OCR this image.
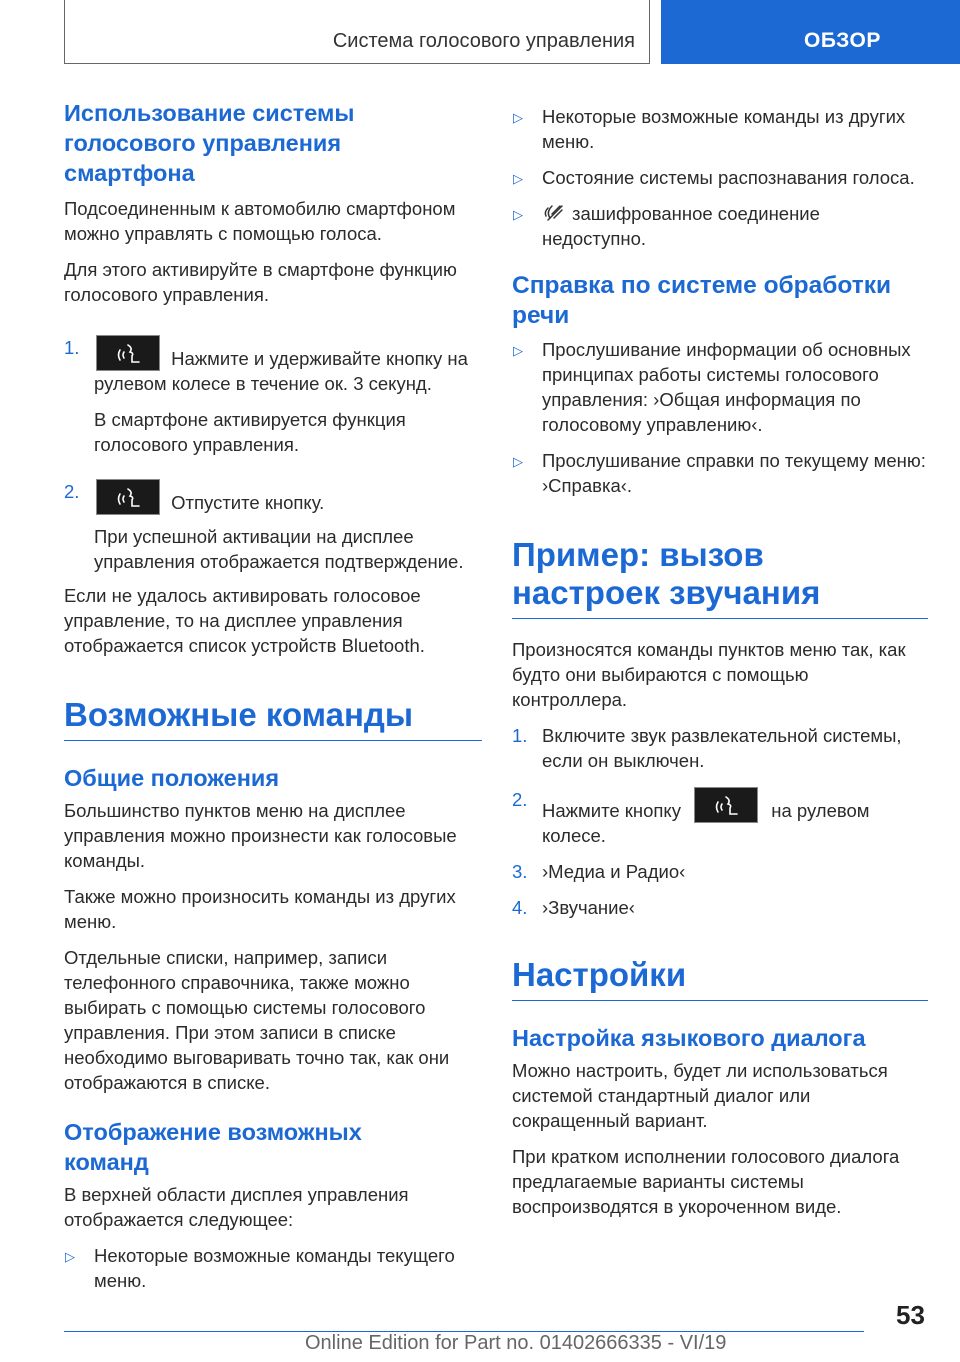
Система голосового управления	ОБЗОР
Использование системы голосового управления смартфона

Подсоединенным к автомобилю смартфоном можно управлять с помощью голоса.

Для этого активируйте в смартфоне функцию голосового управления.

1.
Нажмите и удерживайте кнопку на рулевом колесе в течение ок. 3 секунд.

В смартфоне активируется функция голосового управления.

2.
Отпустите кнопку.

При успешной активации на дисплее управления отображается подтверждение.

Если не удалось активировать голосовое управление, то на дисплее управления отображается список устройств Bluetooth.

Возможные команды
Общие положения

Большинство пунктов меню на дисплее управления можно произнести как голосовые команды.

Также можно произносить команды из других меню.

Отдельные списки, например, записи телефонного справочника, также можно выбирать с помощью системы голосового управления. При этом записи в списке необходимо выговаривать точно так, как они отображаются в списке.

Отображение возможных команд

В верхней области дисплея управления отображается следующее:

▷ Некоторые возможные команды текущего меню.
▷ Некоторые возможные команды из других меню.
▷ Состояние системы распознавания голоса.
▷	зашифрованное соединение недоступно.
Справка по системе обработки речи
▷ Прослушивание информации об основных принципах работы системы голосового управления: ›Общая информация по голосовому управлению‹.
▷ Прослушивание справки по текущему меню: ›Справка‹.
Пример: вызов настроек звучания

Произносятся команды пунктов меню так, как будто они выбираются с помощью контроллера.

1. Включите звук развлекательной системы, если он выключен.
2.
Нажмите кнопку	на рулевом колесе.
3. ›Медиа и Радио‹
4. ›Звучание‹
Настройки
Настройка языкового диалога

Можно настроить, будет ли использоваться системой стандартный диалог или сокращенный вариант.

При кратком исполнении голосового диалога предлагаемые варианты системы воспроизводятся в укороченном виде.

53
Online Edition for Part no. 01402666335 - VI/19
